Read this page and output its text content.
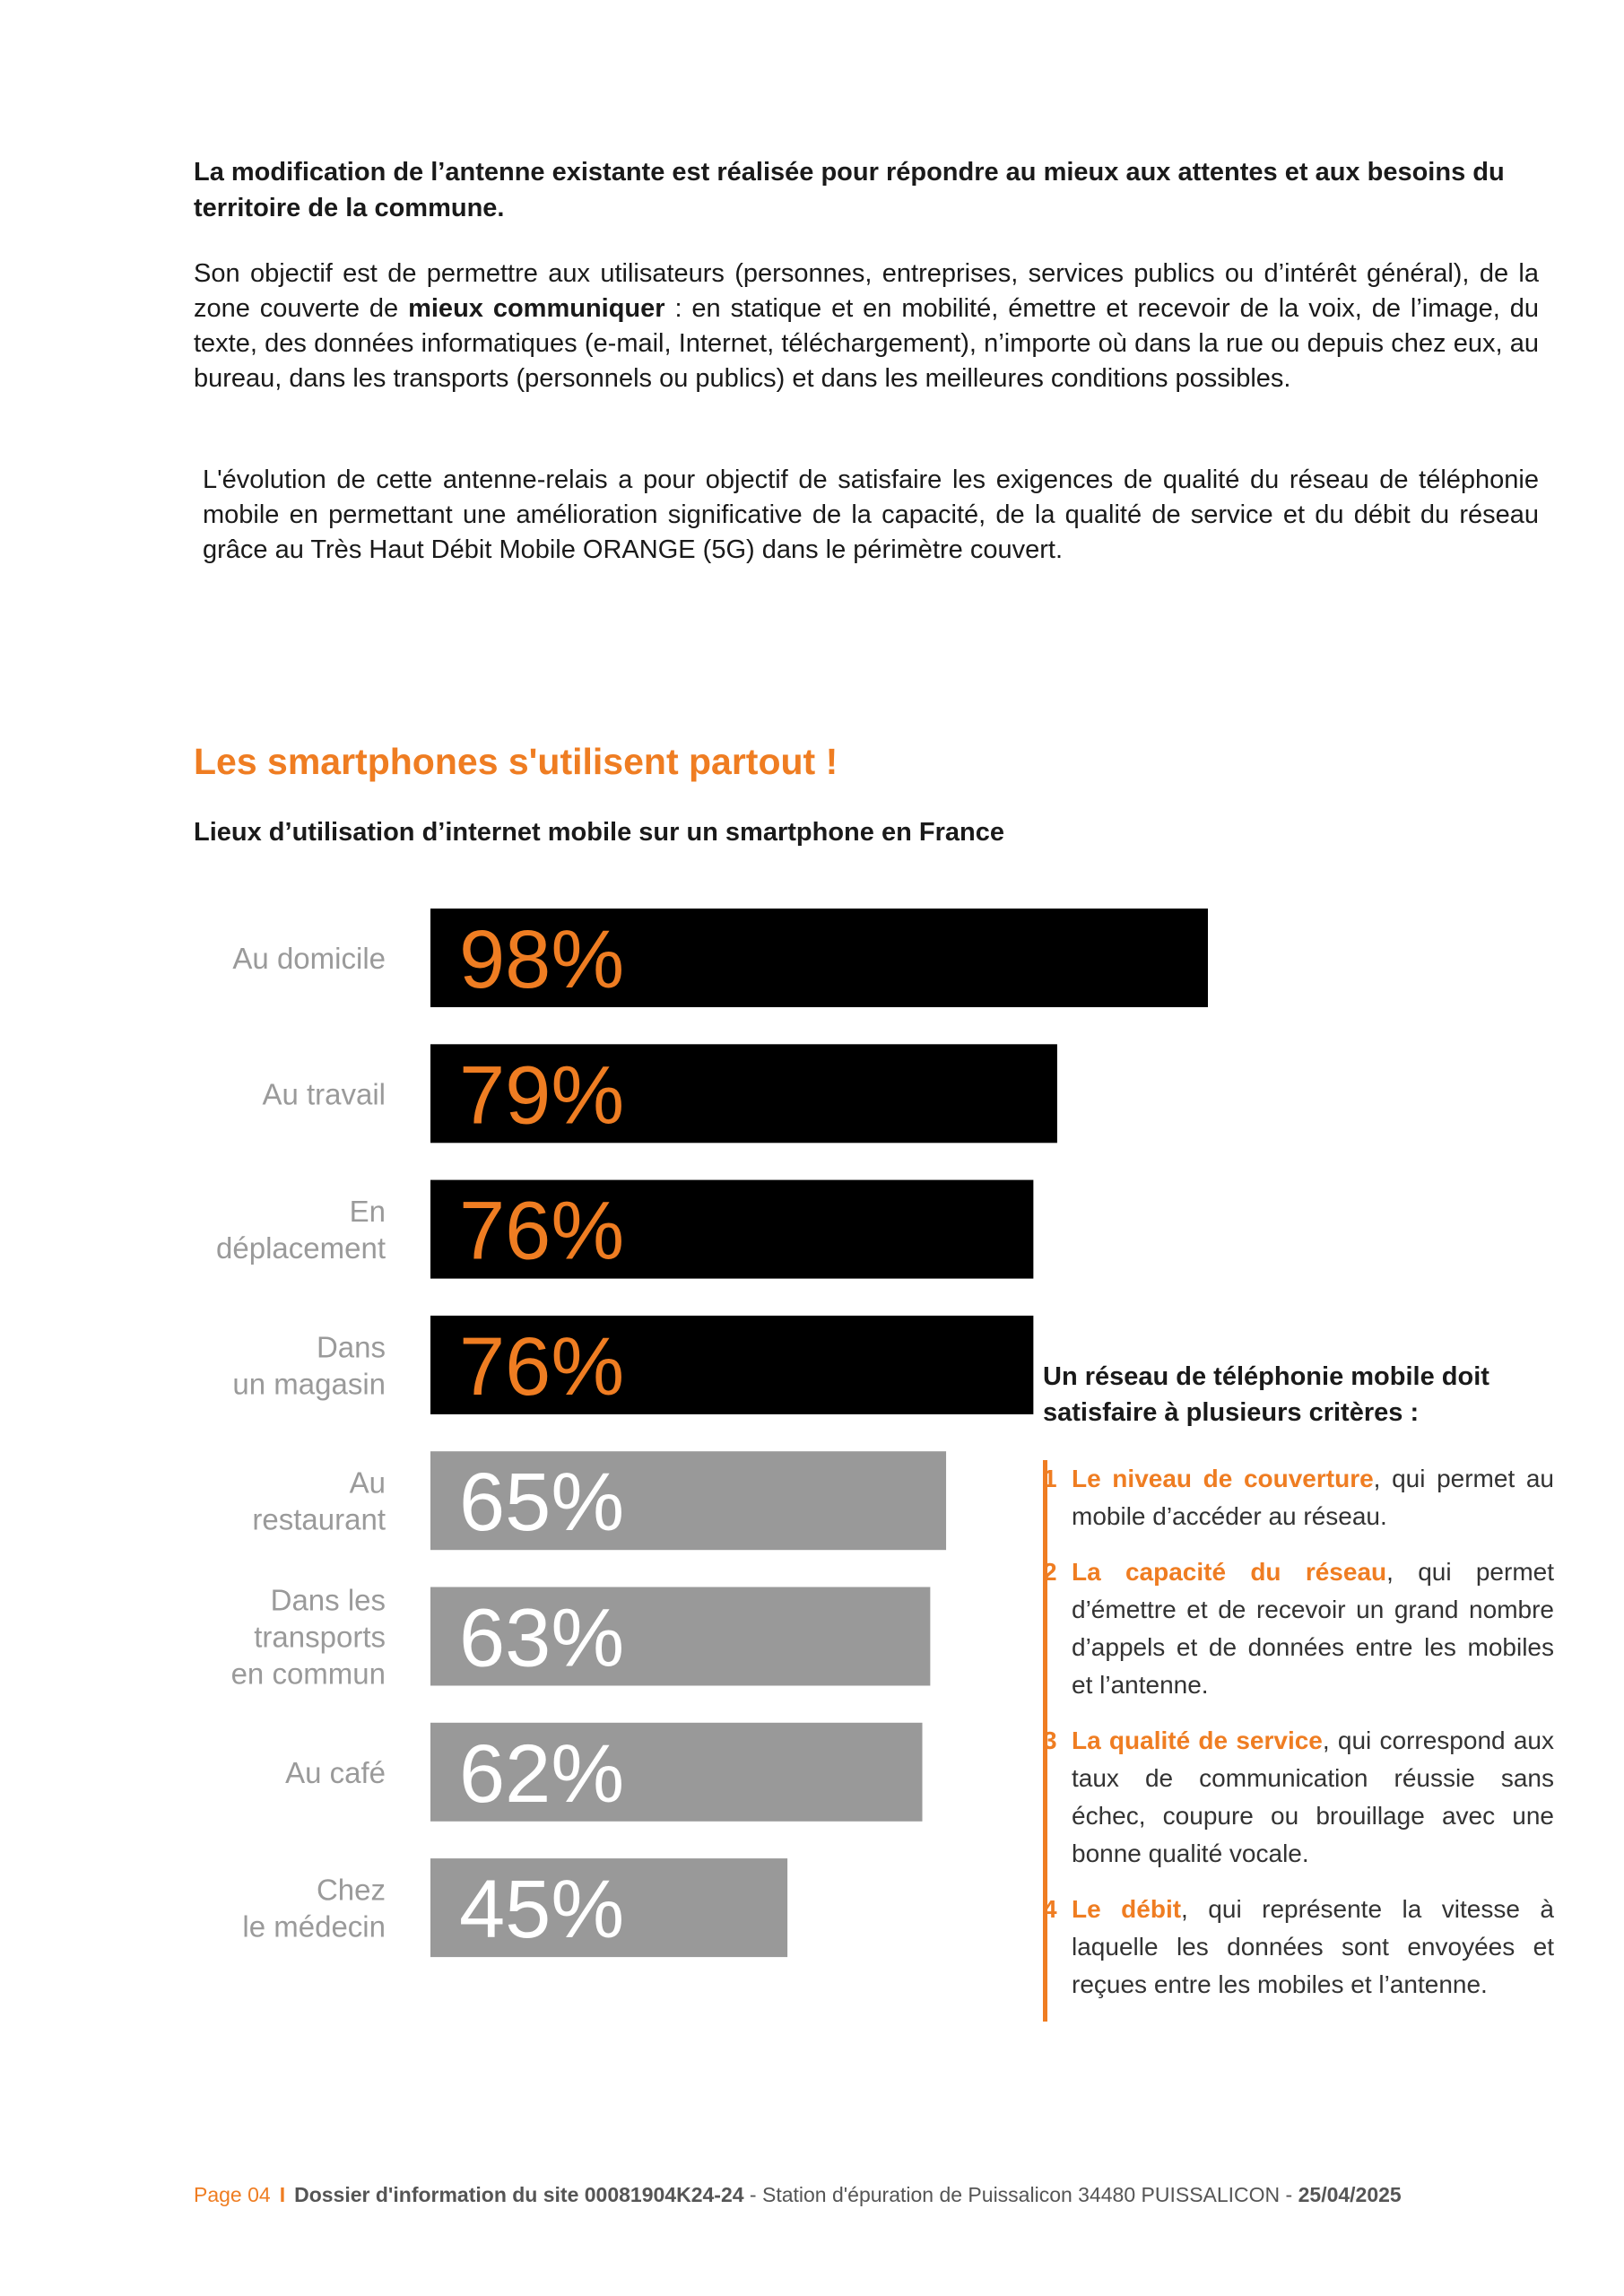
La modification de l’antenne existante est réalisée pour répondre au mieux aux attentes et aux besoins du territoire de la commune.
Son objectif est de permettre aux utilisateurs (personnes, entreprises, services publics ou d’intérêt général), de la zone couverte de mieux communiquer : en statique et en mobilité, émettre et recevoir de la voix, de l’image, du texte, des données informatiques (e-mail, Internet, téléchargement), n’importe où dans la rue ou depuis chez eux, au bureau, dans les transports (personnels ou publics) et dans les meilleures conditions possibles.
L'évolution de cette antenne-relais a pour objectif de satisfaire les exigences de qualité du réseau de téléphonie mobile en permettant une amélioration significative de la capacité, de la qualité de service et du débit du réseau grâce au Très Haut Débit Mobile ORANGE (5G) dans le périmètre couvert.
Les smartphones s'utilisent partout !
Lieux d’utilisation d’internet mobile sur un smartphone en France
98%
Au domicile
79%
Au travail
76%
En déplacement
76%
Dans un magasin
65%
Au restaurant
63%
Dans les transports en commun
62%
Au café
45%
Chez le médecin
Un réseau de téléphonie mobile doit satisfaire à plusieurs critères :
1 Le niveau de couverture, qui permet au mobile d’accéder au réseau.
2 La capacité du réseau, qui permet d’émettre et de recevoir un grand nombre d’appels et de données entre les mobiles et l’antenne.
3 La qualité de service, qui correspond aux taux de communication réussie sans échec, coupure ou brouillage avec une bonne qualité vocale.
4 Le débit, qui représente la vitesse à laquelle les données sont envoyées et reçues entre les mobiles et l’antenne.
Page 04 I Dossier d'information du site 00081904K24-24 - Station d'épuration de Puissalicon 34480 PUISSALICON - 25/04/2025
